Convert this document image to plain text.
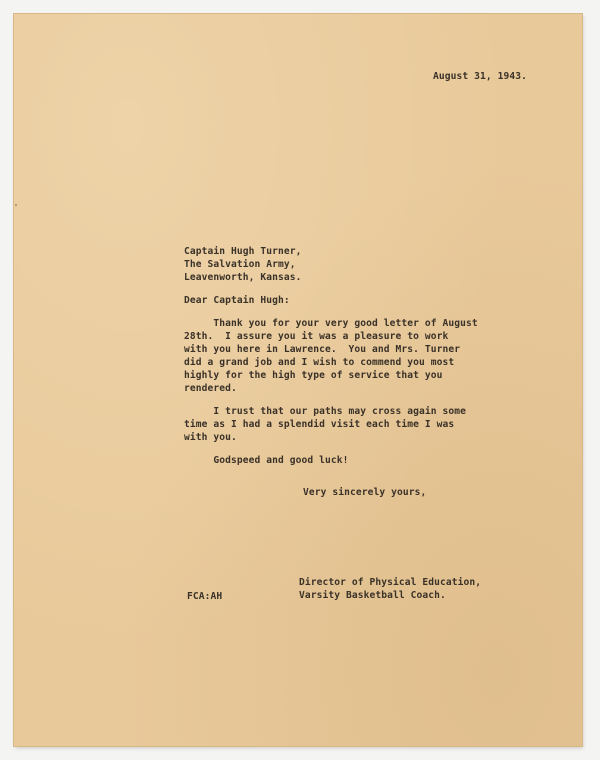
August 31, 1943.
Captain Hugh Turner,
The Salvation Army,
Leavenworth, Kansas.
Dear Captain Hugh:
Thank you for your very good letter of August
28th.  I assure you it was a pleasure to work
with you here in Lawrence.  You and Mrs. Turner
did a grand job and I wish to commend you most
highly for the high type of service that you
rendered.
I trust that our paths may cross again some
time as I had a splendid visit each time I was
with you.
Godspeed and good luck!
Very sincerely yours,
FCA:AH
Director of Physical Education,
Varsity Basketball Coach.
